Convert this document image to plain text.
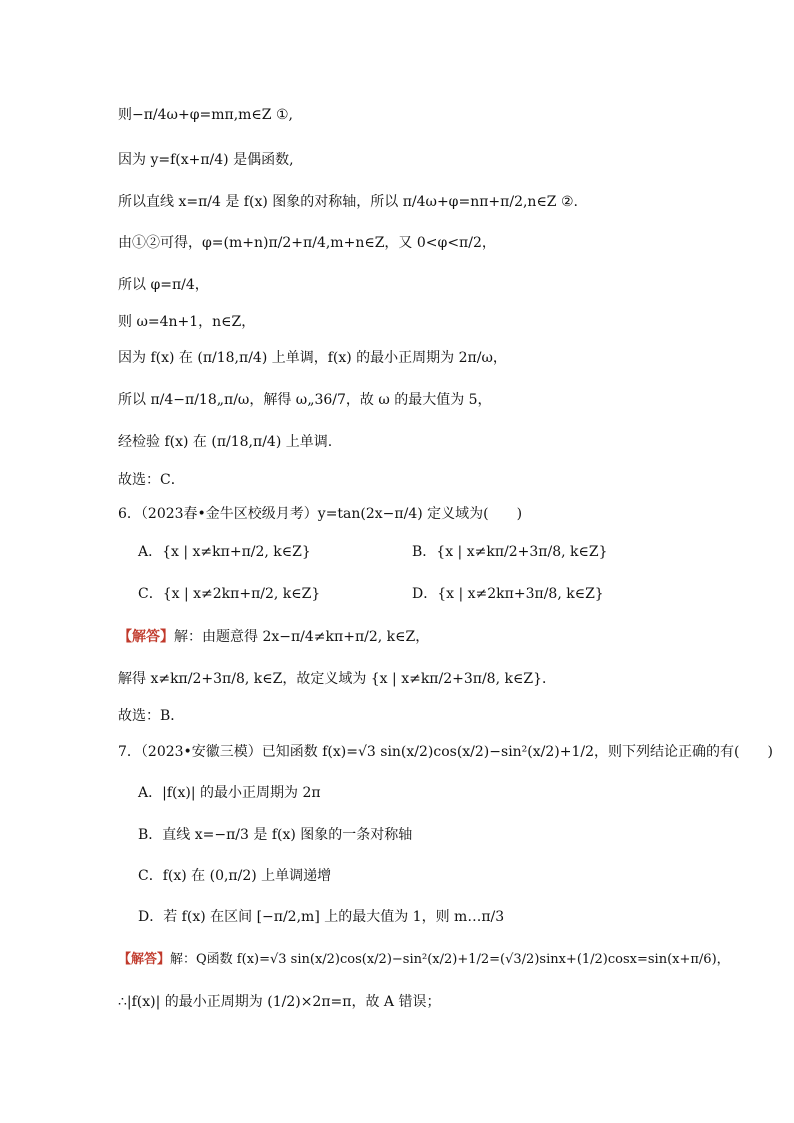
则−π/4ω+φ=mπ,m∈Z ①,
因为 y=f(x+π/4) 是偶函数,
所以直线 x=π/4 是 f(x) 图象的对称轴，所以 π/4ω+φ=nπ+π/2,n∈Z ②.
由①②可得，φ=(m+n)π/2+π/4,m+n∈Z，又 0<φ<π/2，
所以 φ=π/4，
则 ω=4n+1，n∈Z，
因为 f(x) 在 (π/18,π/4) 上单调，f(x) 的最小正周期为 2π/ω，
所以 π/4−π/18„π/ω，解得 ω„36/7，故 ω 的最大值为 5，
经检验 f(x) 在 (π/18,π/4) 上单调.
故选：C．
6．（2023春•金牛区校级月考）y=tan(2x−π/4) 定义域为(　　)
A．{x | x≠kπ+π/2, k∈Z}	B．{x | x≠kπ/2+3π/8, k∈Z}
C．{x | x≠2kπ+π/2, k∈Z}	D．{x | x≠2kπ+3π/8, k∈Z}
【解答】解：由题意得 2x−π/4≠kπ+π/2, k∈Z，
解得 x≠kπ/2+3π/8, k∈Z，故定义域为 {x | x≠kπ/2+3π/8, k∈Z}．
故选：B．
7．（2023•安徽三模）已知函数 f(x)=√3 sin(x/2)cos(x/2)−sin²(x/2)+1/2，则下列结论正确的有(　　)
A．|f(x)| 的最小正周期为 2π
B．直线 x=−π/3 是 f(x) 图象的一条对称轴
C．f(x) 在 (0,π/2) 上单调递增
D．若 f(x) 在区间 [−π/2,m] 上的最大值为 1，则 m…π/3
【解答】解：Q函数 f(x)=√3 sin(x/2)cos(x/2)−sin²(x/2)+1/2=(√3/2)sinx+(1/2)cosx=sin(x+π/6)，
∴|f(x)| 的最小正周期为 (1/2)×2π=π，故 A 错误；
